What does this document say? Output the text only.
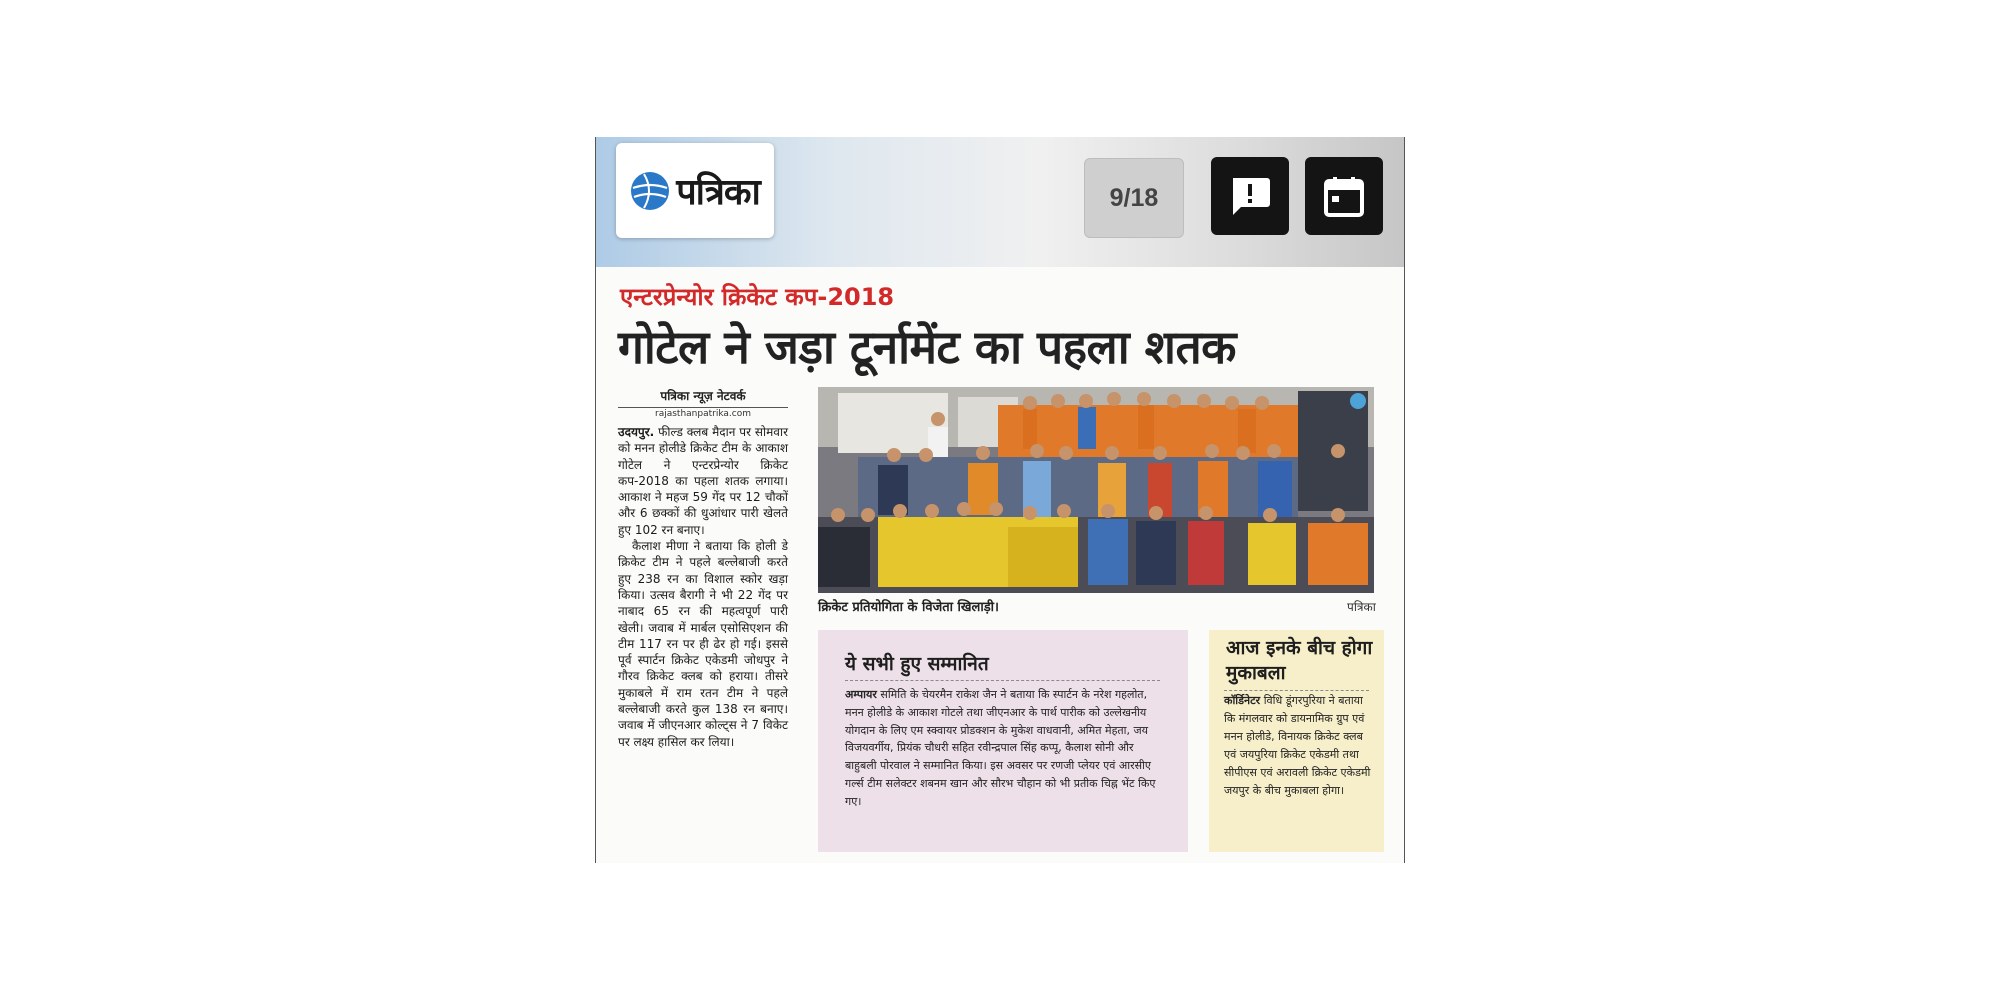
पत्रिका	9/18
एन्टरप्रेन्योर क्रिकेट कप-2018
गोटेल ने जड़ा टूर्नामेंट का पहला शतक
पत्रिका न्यूज़ नेटवर्क
rajasthanpatrika.com

उदयपुर. फील्ड क्लब मैदान पर सोमवार को मनन होलीडे क्रिकेट टीम के आकाश गोटेल ने एन्टरप्रेन्योर क्रिकेट कप-2018 का पहला शतक लगाया। आकाश ने महज 59 गेंद पर 12 चौकों और 6 छक्कों की धुआंधार पारी खेलते हुए 102 रन बनाए।

कैलाश मीणा ने बताया कि होली डे क्रिकेट टीम ने पहले बल्लेबाजी करते हुए 238 रन का विशाल स्कोर खड़ा किया। उत्सव बैरागी ने भी 22 गेंद पर नाबाद 65 रन की महत्वपूर्ण पारी खेली। जवाब में मार्बल एसोसिएशन की टीम 117 रन पर ही ढेर हो गई। इससे पूर्व स्पार्टन क्रिकेट एकेडमी जोधपुर ने गौरव क्रिकेट क्लब को हराया। तीसरे मुकाबले में राम रतन टीम ने पहले बल्लेबाजी करते कुल 138 रन बनाए। जवाब में जीएनआर कोल्ट्स ने 7 विकेट पर लक्ष्य हासिल कर लिया।

क्रिकेट प्रतियोगिता के विजेता खिलाड़ी।	पत्रिका
ये सभी हुए सम्मानित

अम्पायर समिति के चेयरमैन राकेश जैन ने बताया कि स्पार्टन के नरेश गहलोत, मनन होलीडे के आकाश गोटले तथा जीएनआर के पार्थ पारीक को उल्लेखनीय योगदान के लिए एम स्क्वायर प्रोडक्शन के मुकेश वाधवानी, अमित मेहता, जय विजयवर्गीय, प्रियंक चौधरी सहित रवीन्द्रपाल सिंह कप्पू, कैलाश सोनी और बाहुबली पोरवाल ने सम्मानित किया। इस अवसर पर रणजी प्लेयर एवं आरसीए गर्ल्स टीम सलेक्टर शबनम खान और सौरभ चौहान को भी प्रतीक चिह्न भेंट किए गए।

आज इनके बीच होगा मुकाबला

कॉर्डिनेटर विधि डूंगरपुरिया ने बताया कि मंगलवार को डायनामिक ग्रुप एवं मनन होलीडे, विनायक क्रिकेट क्लब एवं जयपुरिया क्रिकेट एकेडमी तथा सीपीएस एवं अरावली क्रिकेट एकेडमी जयपुर के बीच मुकाबला होगा।
